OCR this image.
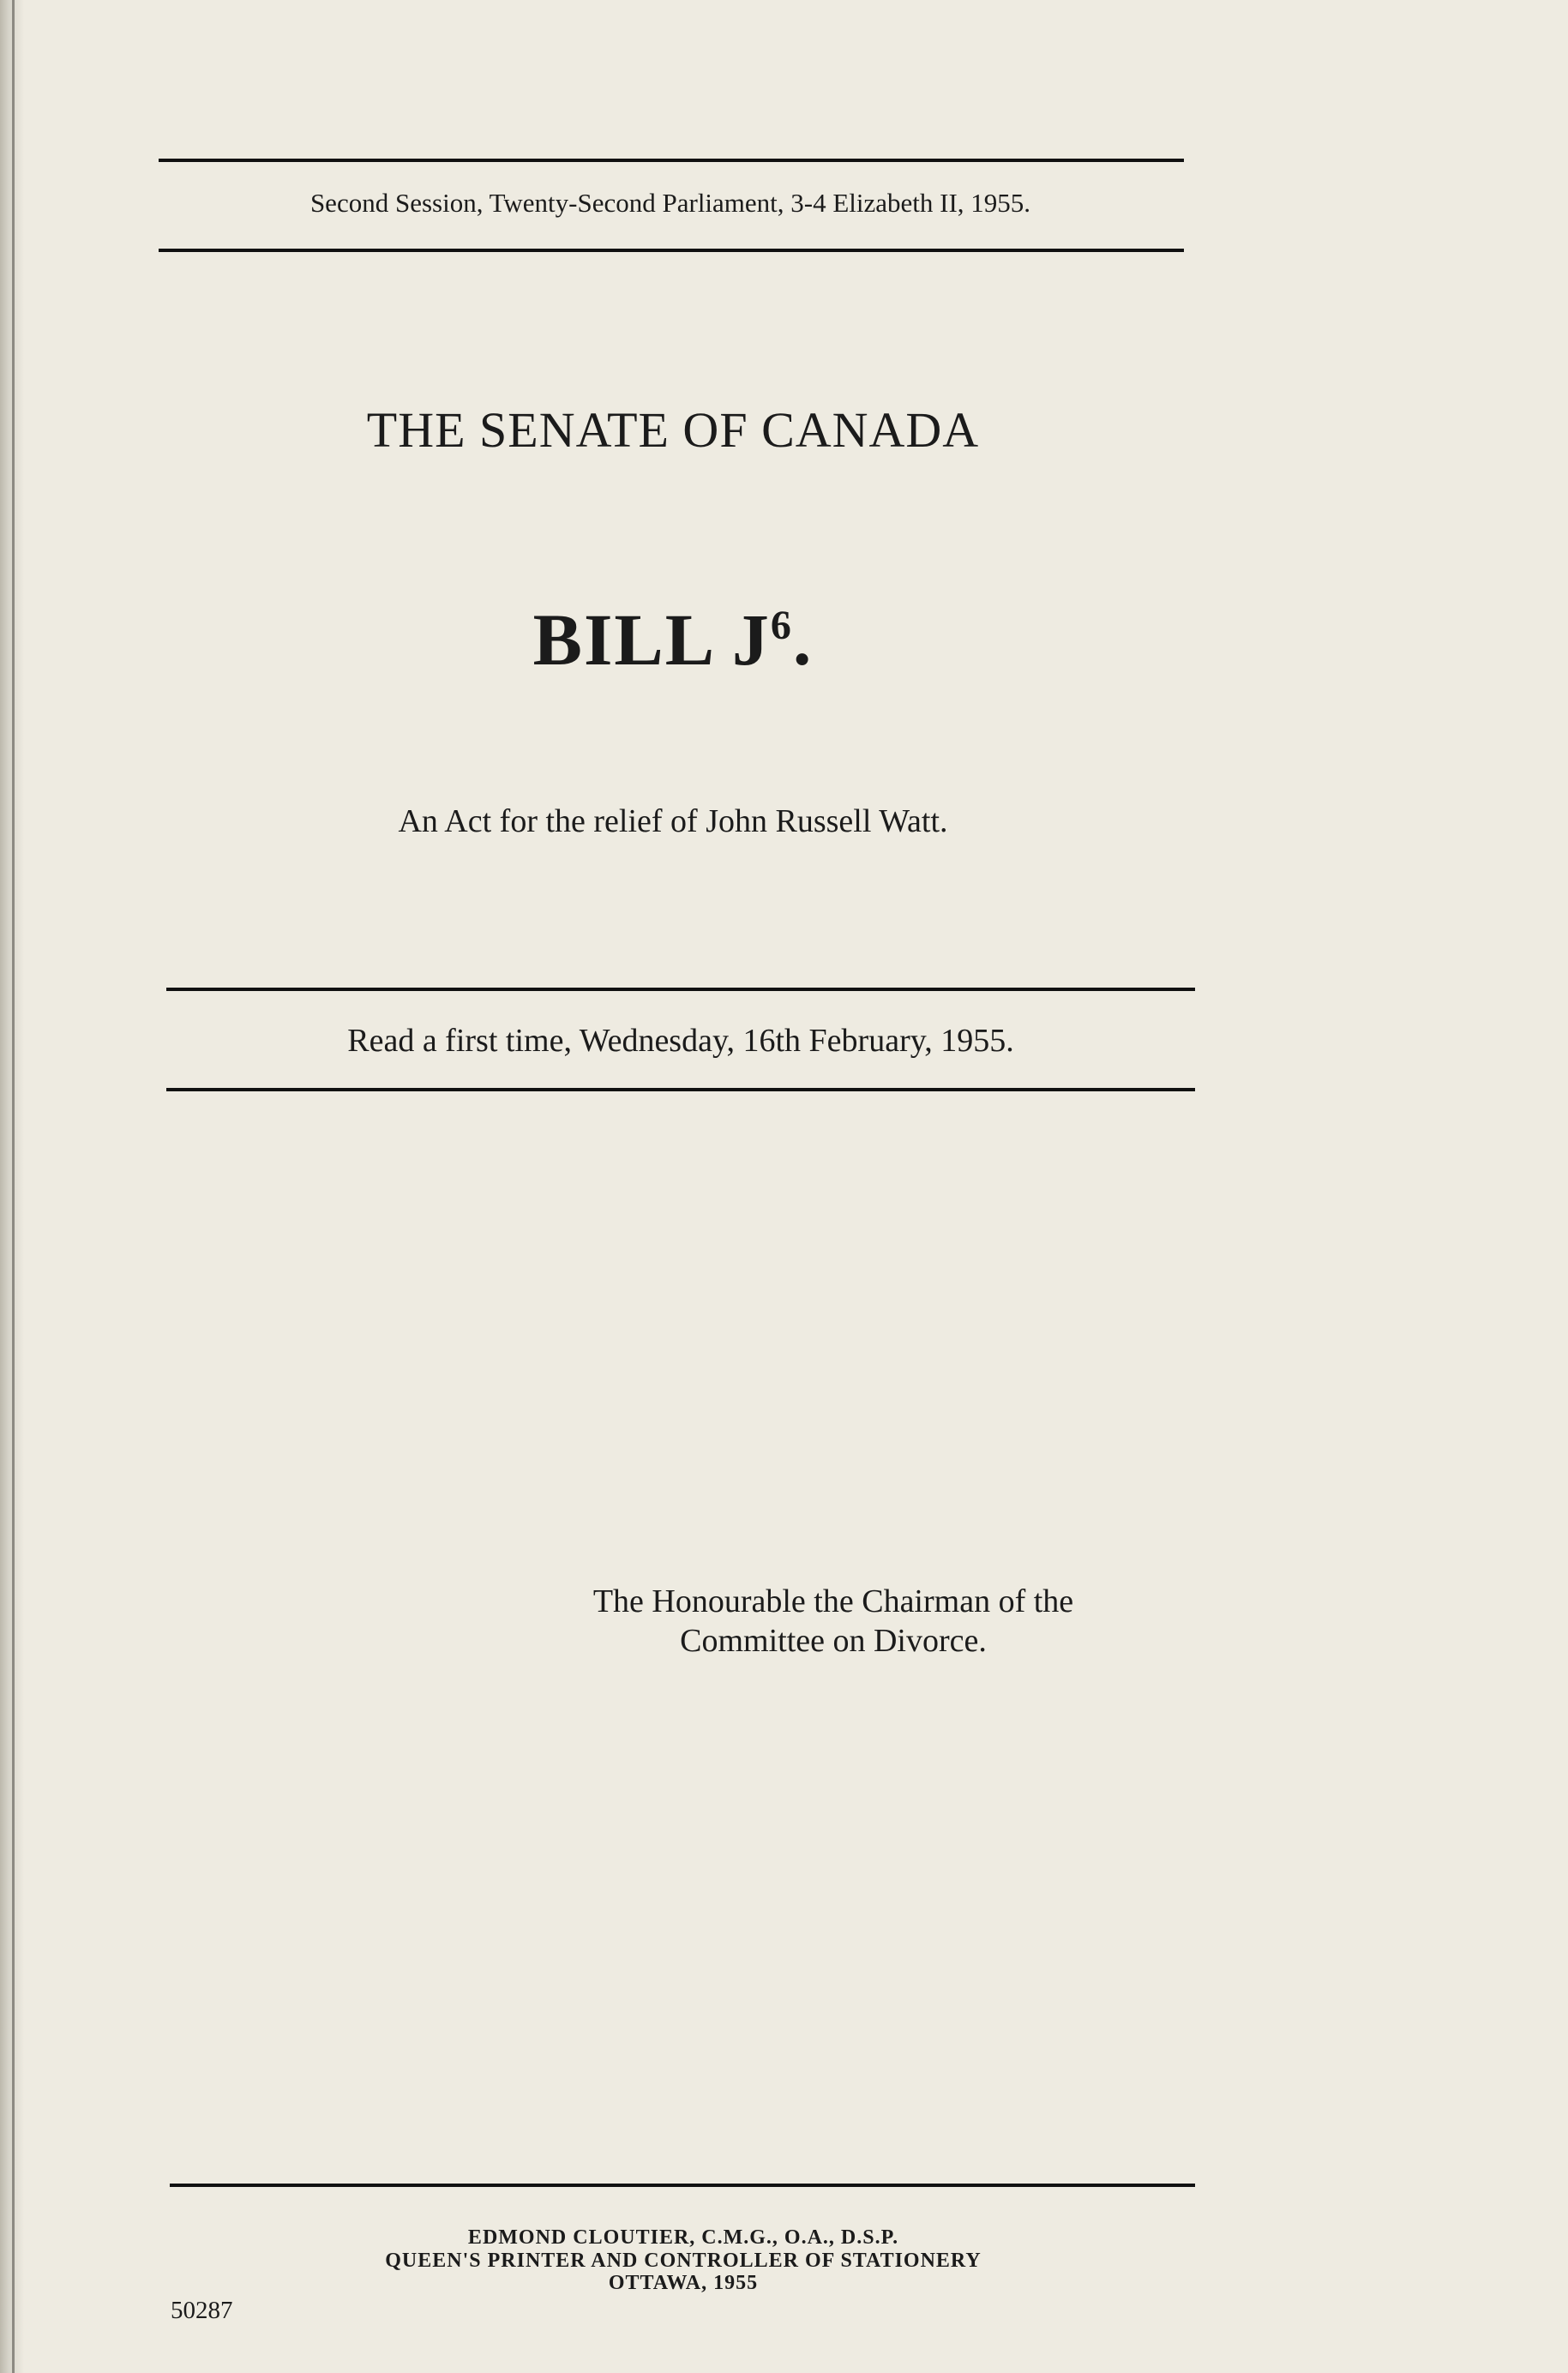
Second Session, Twenty-Second Parliament, 3-4 Elizabeth II, 1955.
THE SENATE OF CANADA
BILL $J^6$.
An Act for the relief of John Russell Watt.
Read a first time, Wednesday, 16th February, 1955.
The Honourable the Chairman of the
Committee on Divorce.
EDMOND CLOUTIER, C.M.G., O.A., D.S.P.
QUEEN'S PRINTER AND CONTROLLER OF STATIONERY
OTTAWA, 1955
50287
